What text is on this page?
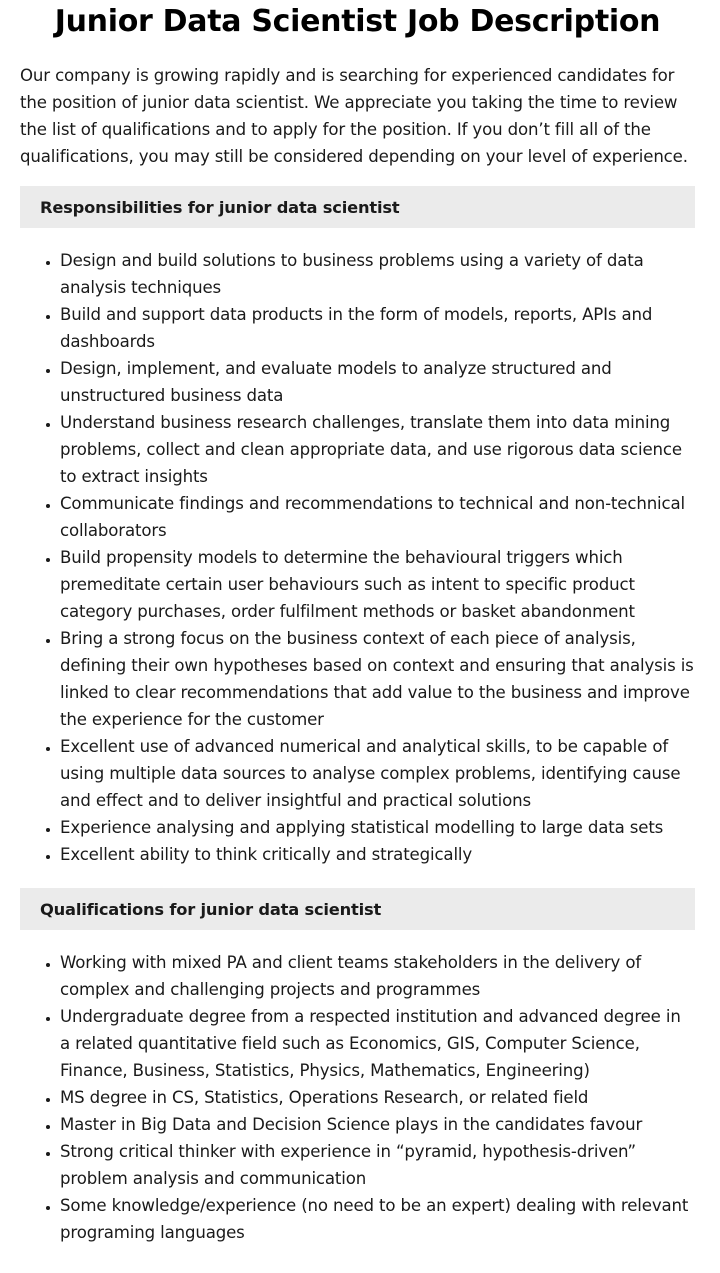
Junior Data Scientist Job Description

Our company is growing rapidly and is searching for experienced candidates for the position of junior data scientist. We appreciate you taking the time to review the list of qualifications and to apply for the position. If you don’t fill all of the qualifications, you may still be considered depending on your level of experience.

Responsibilities for junior data scientist
• Design and build solutions to business problems using a variety of data analysis techniques
• Build and support data products in the form of models, reports, APIs and dashboards
• Design, implement, and evaluate models to analyze structured and unstructured business data
• Understand business research challenges, translate them into data mining problems, collect and clean appropriate data, and use rigorous data science to extract insights
• Communicate findings and recommendations to technical and non-technical collaborators
• Build propensity models to determine the behavioural triggers which premeditate certain user behaviours such as intent to specific product category purchases, order fulfilment methods or basket abandonment
• Bring a strong focus on the business context of each piece of analysis, defining their own hypotheses based on context and ensuring that analysis is linked to clear recommendations that add value to the business and improve the experience for the customer
• Excellent use of advanced numerical and analytical skills, to be capable of using multiple data sources to analyse complex problems, identifying cause and effect and to deliver insightful and practical solutions
• Experience analysing and applying statistical modelling to large data sets
• Excellent ability to think critically and strategically
Qualifications for junior data scientist
• Working with mixed PA and client teams stakeholders in the delivery of complex and challenging projects and programmes
• Undergraduate degree from a respected institution and advanced degree in a related quantitative field such as Economics, GIS, Computer Science, Finance, Business, Statistics, Physics, Mathematics, Engineering)
• MS degree in CS, Statistics, Operations Research, or related field
• Master in Big Data and Decision Science plays in the candidates favour
• Strong critical thinker with experience in “pyramid, hypothesis-driven” problem analysis and communication
• Some knowledge/experience (no need to be an expert) dealing with relevant programing languages
